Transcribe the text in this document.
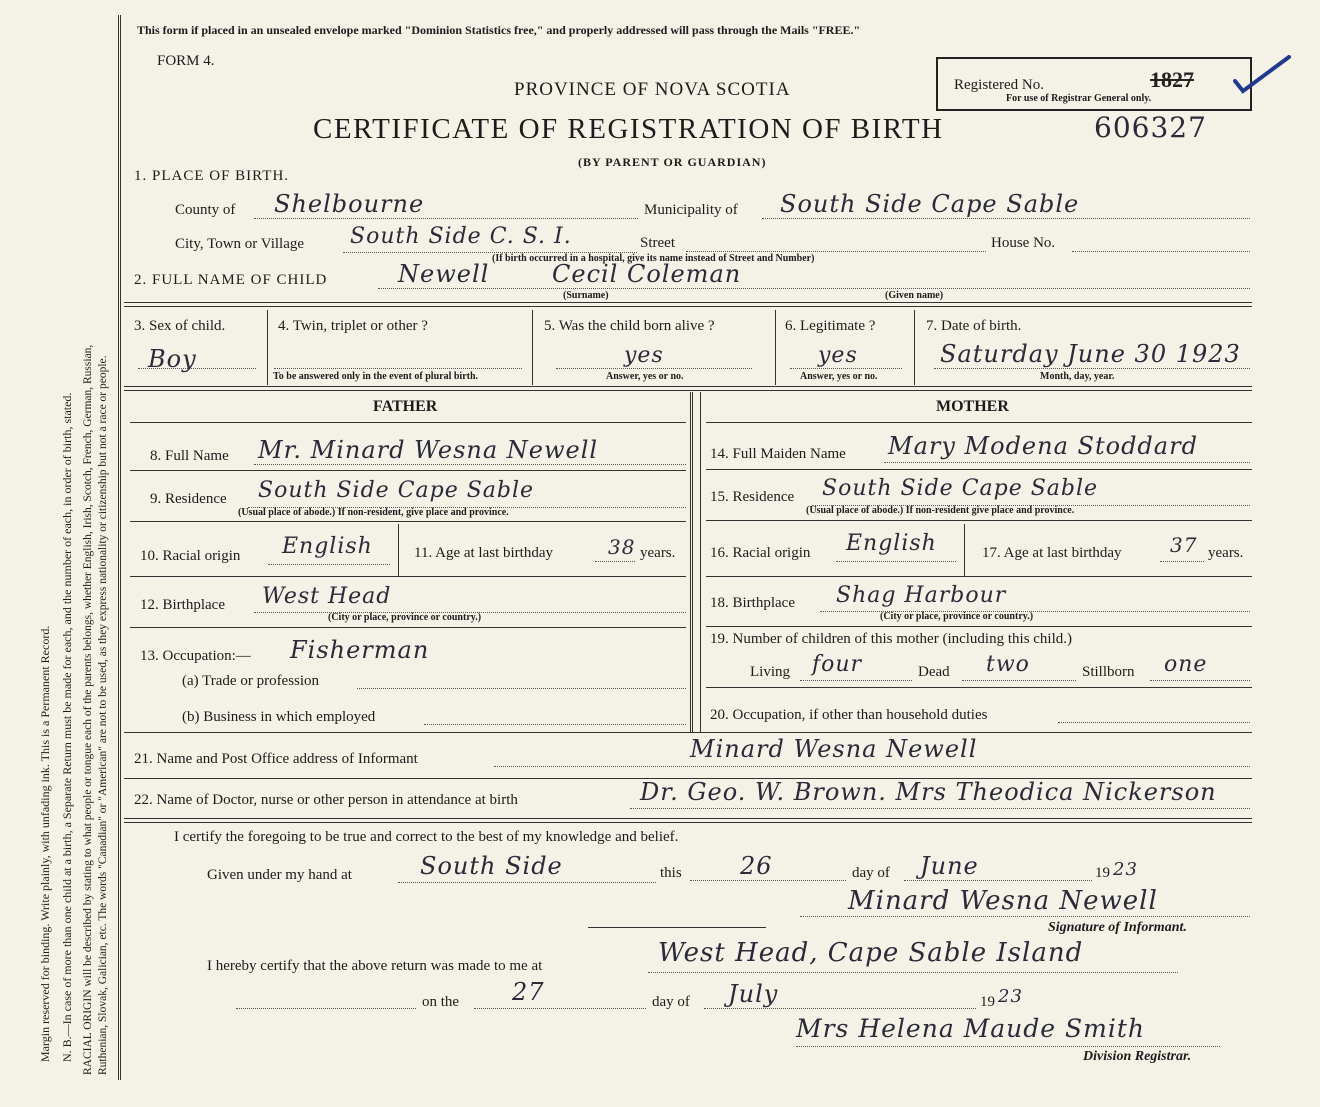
Margin reserved for binding. Write plainly, with unfading ink. This is a Permanent Record. N. B.—In case of more than one child at a birth, a Separate Return must be made for each, and the number of each, in order of birth, stated. RACIAL ORIGIN will be described by stating to what people or tongue each of the parents belongs, whether English, Irish, Scotch, French, German, Russian, Ruthenian, Slovak, Galician, etc. The words "Canadian" or "American" are not to be used, as they express nationality or citizenship but not a race or people.
This form if placed in an unsealed envelope marked "Dominion Statistics free," and properly addressed will pass through the Mails "FREE."
FORM 4.
PROVINCE OF NOVA SCOTIA
CERTIFICATE OF REGISTRATION OF BIRTH	606327
(BY PARENT OR GUARDIAN)
Registered No.	1827
For use of Registrar General only.
1. PLACE OF BIRTH.
County of Shelbourne	Municipality of South Side Cape Sable
City, Town or Village South Side C. S. I.	Street
(If birth occurred in a hospital, give its name instead of Street and Number)
House No.
2. FULL NAME OF CHILD	Newell	Cecil Coleman
(Surname)	(Given name)
3. Sex of child.
Boy
4. Twin, triplet or other ?
To be answered only in the event of plural birth.
5. Was the child born alive ?
yes
Answer, yes or no.
6. Legitimate ?
yes
Answer, yes or no.
7. Date of birth.
Saturday June 30 1923
Month, day, year.
FATHER	MOTHER
8. Full Name Mr. Minard Wesna Newell
9. Residence South Side Cape Sable
(Usual place of abode.) If non-resident, give place and province.
10. Racial origin English	11. Age at last birthday	38 years.
12. Birthplace West Head
(City or place, province or country.)
13. Occupation:— Fisherman
(a) Trade or profession
(b) Business in which employed
14. Full Maiden Name Mary Modena Stoddard
15. Residence South Side Cape Sable
(Usual place of abode.) If non-resident give place and province.
16. Racial origin English	17. Age at last birthday 37 years.
18. Birthplace Shag Harbour
(City or place, province or country.)
19. Number of children of this mother (including this child.)
Living four	Dead two	Stillborn one
20. Occupation, if other than household duties
21. Name and Post Office address of Informant	Minard Wesna Newell
22. Name of Doctor, nurse or other person in attendance at birth	Dr. Geo. W. Brown. Mrs Theodica Nickerson
I certify the foregoing to be true and correct to the best of my knowledge and belief.
Given under my hand at	South Side	this 26	day of June	19 23
Minard Wesna Newell
Signature of Informant.
I hereby certify that the above return was made to me at	West Head, Cape Sable Island
on the 27	day of July	19 23
Mrs Helena Maude Smith
Division Registrar.
